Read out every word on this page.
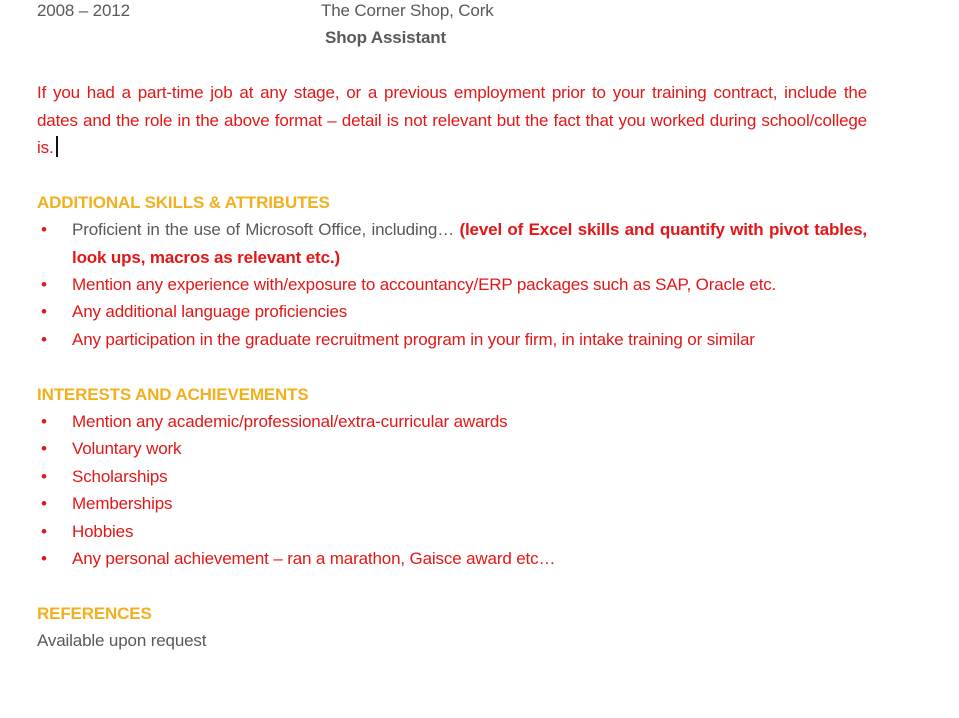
2008 – 2012	The Corner Shop, Cork
Shop Assistant

If you had a part-time job at any stage, or a previous employment prior to your training contract, include the dates and the role in the above format – detail is not relevant but the fact that you worked during school/college is.

ADDITIONAL SKILLS & ATTRIBUTES
•	Proficient in the use of Microsoft Office, including… (level of Excel skills and quantify with pivot tables, look ups, macros as relevant etc.)
•	Mention any experience with/exposure to accountancy/ERP packages such as SAP, Oracle etc.
•	Any additional language proficiencies
•	Any participation in the graduate recruitment program in your firm, in intake training or similar
INTERESTS AND ACHIEVEMENTS
•	Mention any academic/professional/extra-curricular awards
•	Voluntary work
•	Scholarships
•	Memberships
•	Hobbies
•	Any personal achievement – ran a marathon, Gaisce award etc…
REFERENCES

Available upon request
